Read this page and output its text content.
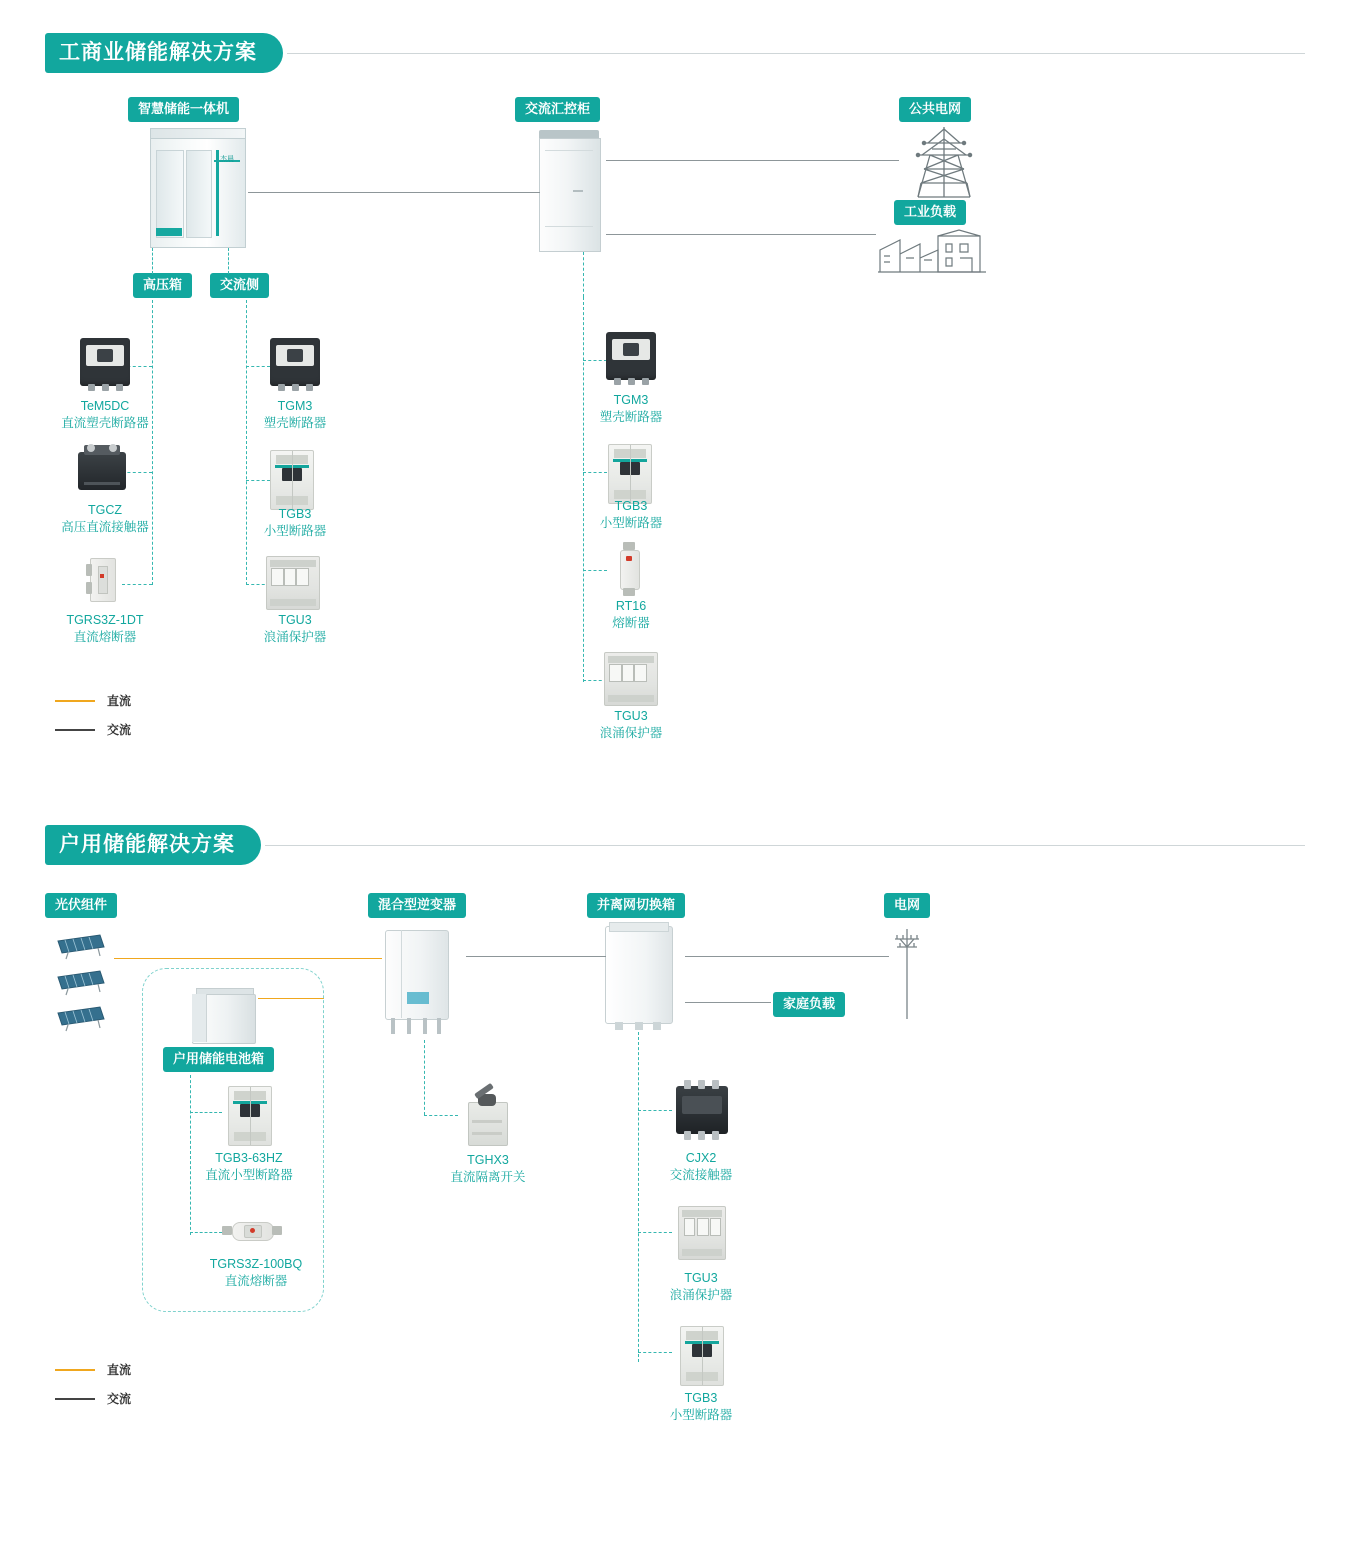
工商业储能解决方案
智慧储能一体机	交流汇控柜	公共电网
工业负载
高压箱	交流侧
杰晨
TeM5DC
直流塑壳断路器
TGCZ
高压直流接触器
TGRS3Z-1DT
直流熔断器
TGM3
塑壳断路器
TGB3
小型断路器
TGU3
浪涌保护器
TGM3
塑壳断路器
TGB3
小型断路器
RT16
熔断器
TGU3
浪涌保护器
直流
交流
户用储能解决方案
光伏组件	混合型逆变器	并离网切换箱	电网
家庭负载
户用储能电池箱
TGB3-63HZ
直流小型断路器
TGRS3Z-100BQ
直流熔断器
TGHX3
直流隔离开关
CJX2
交流接触器
TGU3
浪涌保护器
TGB3
小型断路器
直流
交流
